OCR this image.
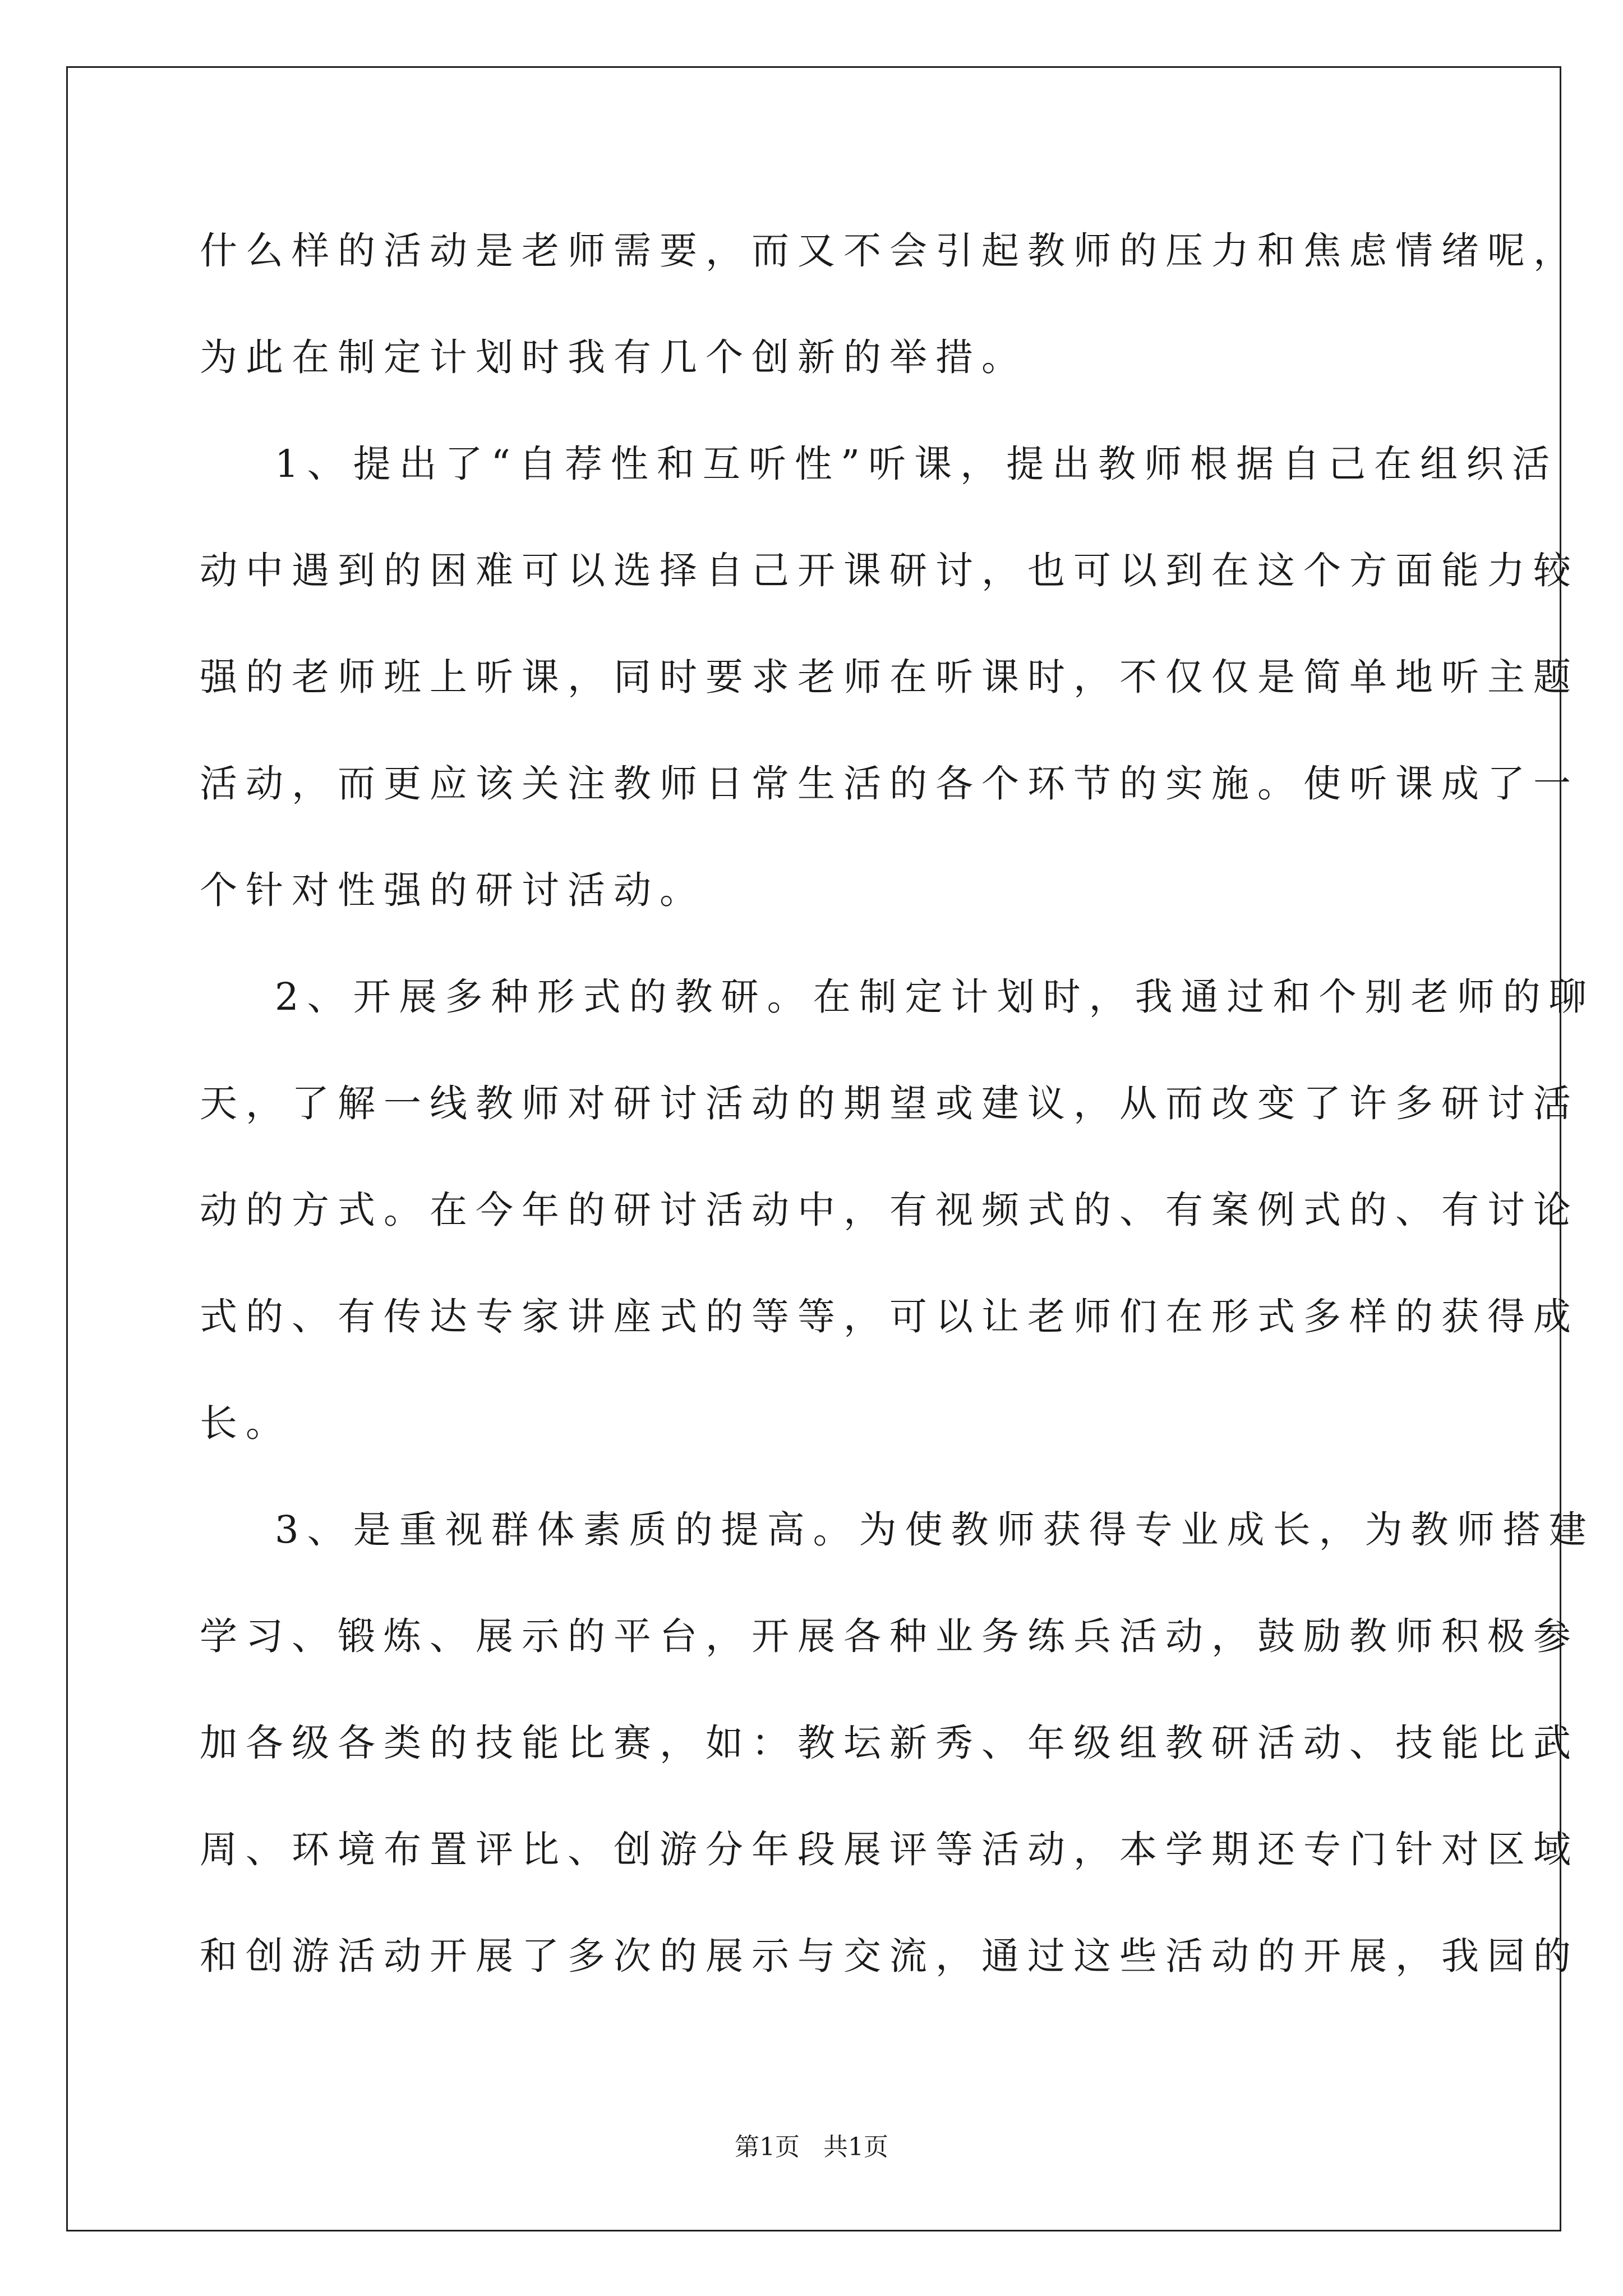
什么样的活动是老师需要，而又不会引起教师的压力和焦虑情绪呢，
为此在制定计划时我有几个创新的举措。
1、提出了“自荐性和互听性”听课，提出教师根据自己在组织活
动中遇到的困难可以选择自己开课研讨，也可以到在这个方面能力较
强的老师班上听课，同时要求老师在听课时，不仅仅是简单地听主题
活动，而更应该关注教师日常生活的各个环节的实施。使听课成了一
个针对性强的研讨活动。
2、开展多种形式的教研。在制定计划时，我通过和个别老师的聊
天，了解一线教师对研讨活动的期望或建议，从而改变了许多研讨活
动的方式。在今年的研讨活动中，有视频式的、有案例式的、有讨论
式的、有传达专家讲座式的等等，可以让老师们在形式多样的获得成
长。
3、是重视群体素质的提高。为使教师获得专业成长，为教师搭建
学习、锻炼、展示的平台，开展各种业务练兵活动，鼓励教师积极参
加各级各类的技能比赛，如：教坛新秀、年级组教研活动、技能比武
周、环境布置评比、创游分年段展评等活动，本学期还专门针对区域
和创游活动开展了多次的展示与交流，通过这些活动的开展，我园的
第1页   共1页
